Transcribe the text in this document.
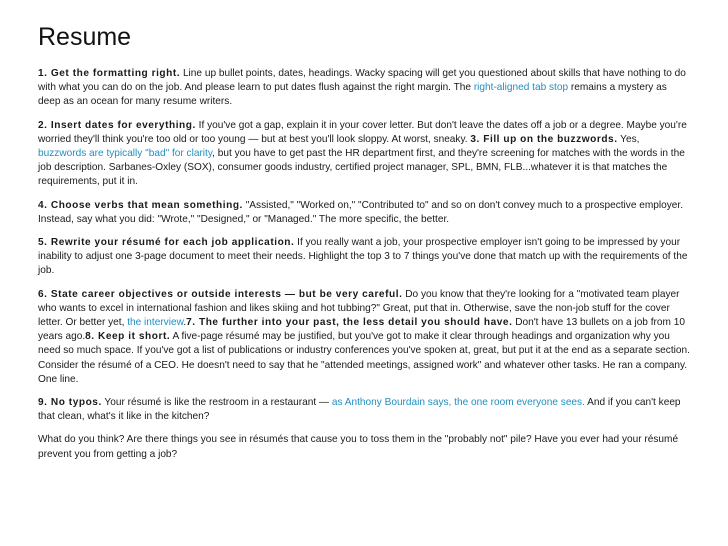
Resume

1. Get the formatting right. Line up bullet points, dates, headings. Wacky spacing will get you questioned about skills that have nothing to do with what you can do on the job. And please learn to put dates flush against the right margin. The right-aligned tab stop remains a mystery as deep as an ocean for many resume writers.

2. Insert dates for everything. If you've got a gap, explain it in your cover letter. But don't leave the dates off a job or a degree. Maybe you're worried they'll think you're too old or too young — but at best you'll look sloppy. At worst, sneaky. 3. Fill up on the buzzwords. Yes, buzzwords are typically "bad" for clarity, but you have to get past the HR department first, and they're screening for matches with the words in the job description. Sarbanes-Oxley (SOX), consumer goods industry, certified project manager, SPL, BMN, FLB...whatever it is that matches the requirements, put it in.

4. Choose verbs that mean something. "Assisted," "Worked on," "Contributed to" and so on don't convey much to a prospective employer. Instead, say what you did: "Wrote," "Designed," or "Managed." The more specific, the better.

5. Rewrite your résumé for each job application. If you really want a job, your prospective employer isn't going to be impressed by your inability to adjust one 3-page document to meet their needs. Highlight the top 3 to 7 things you've done that match up with the requirements of the job.

6. State career objectives or outside interests — but be very careful. Do you know that they're looking for a "motivated team player who wants to excel in international fashion and likes skiing and hot tubbing?" Great, put that in. Otherwise, save the non-job stuff for the cover letter. Or better yet, the interview.7. The further into your past, the less detail you should have. Don't have 13 bullets on a job from 10 years ago.8. Keep it short. A five-page résumé may be justified, but you've got to make it clear through headings and organization why you need so much space. If you've got a list of publications or industry conferences you've spoken at, great, but put it at the end as a separate section. Consider the résumé of a CEO. He doesn't need to say that he "attended meetings, assigned work" and whatever other tasks. He ran a company. One line.

9. No typos. Your résumé is like the restroom in a restaurant — as Anthony Bourdain says, the one room everyone sees. And if you can't keep that clean, what's it like in the kitchen?

What do you think? Are there things you see in résumés that cause you to toss them in the "probably not" pile? Have you ever had your résumé prevent you from getting a job?
